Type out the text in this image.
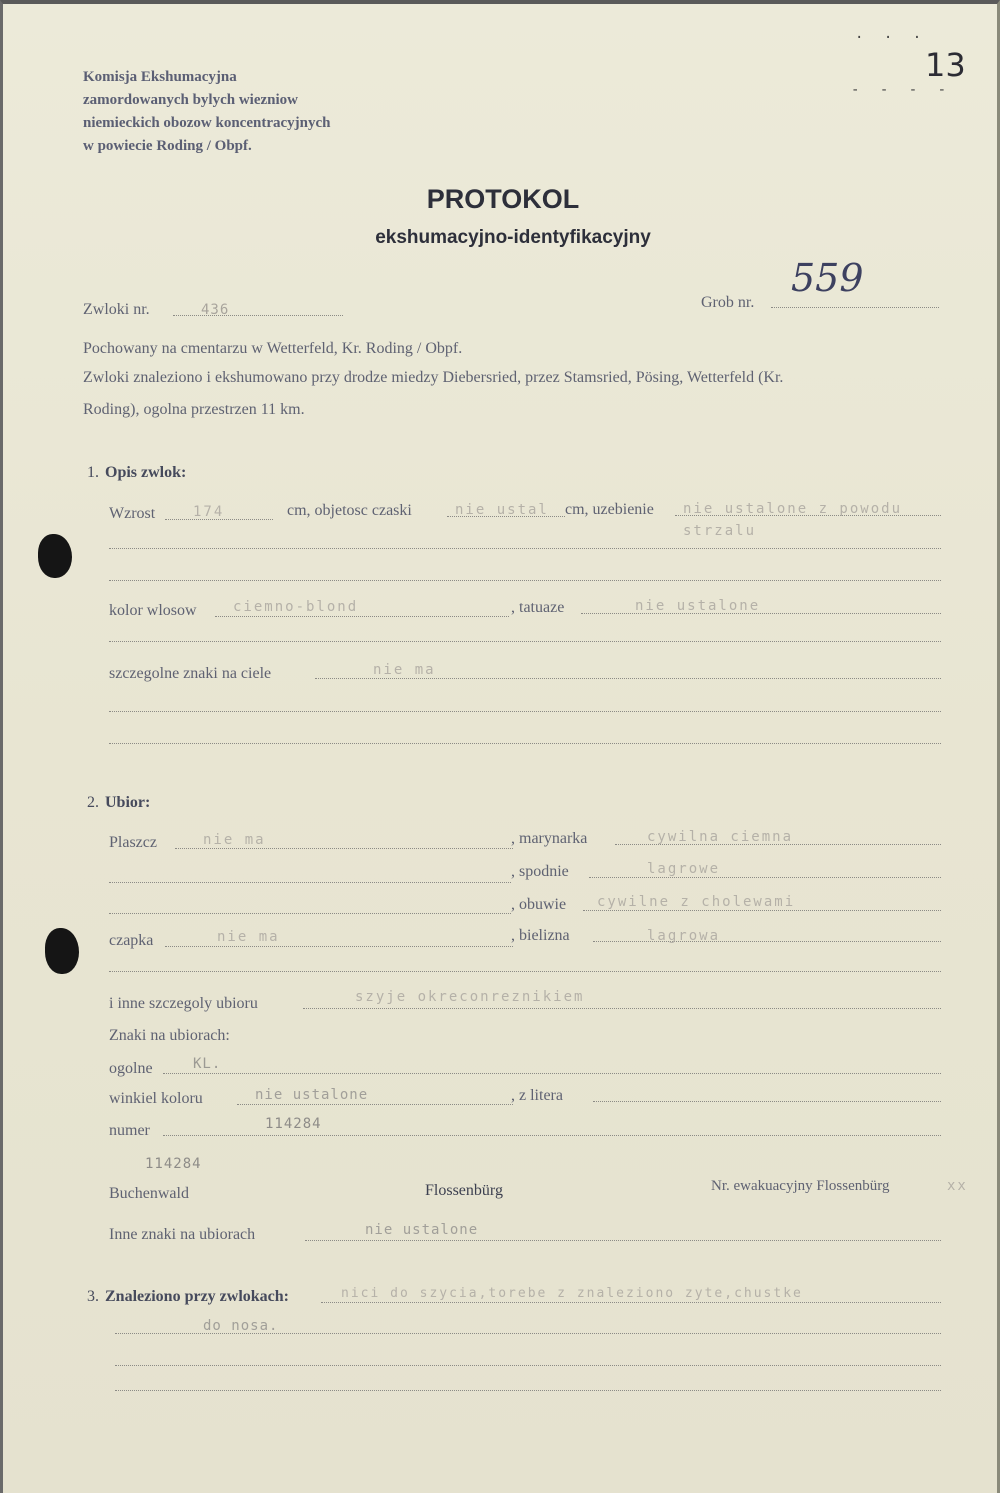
. . .
- - - -
13
Komisja Ekshumacyjna
zamordowanych bylych wiezniow
niemieckich obozow koncentracyjnych
w powiecie Roding / Obpf.
PROTOKOL
ekshumacyjno-identyfikacyjny
Zwloki nr.	436	Grob nr.
559
Pochowany na cmentarzu w Wetterfeld, Kr. Roding / Obpf.
Zwloki znaleziono i ekshumowano przy drodze miedzy Diebersried, przez Stamsried, Pösing, Wetterfeld (Kr.
Roding), ogolna przestrzen 11 km.
1. Opis zwlok:
Wzrost	174	cm, objetosc czaski	nie ustal cm, uzebienie nie ustalone z powodu
strzalu
kolor wlosow	ciemno-blond	, tatuaze	nie ustalone
szczegolne znaki na ciele	nie ma
2. Ubior:
Plaszcz	nie ma	, marynarka	cywilna ciemna
, spodnie	lagrowe
, obuwie cywilne z cholewami
czapka	nie ma	, bielizna	lagrowa
i inne szczegoly ubioru	szyje okreconreznikiem
Znaki na ubiorach:
ogolne	KL.
winkiel koloru	nie ustalone	, z litera
numer	114284
114284
Buchenwald	Flossenbürg	Nr. ewakuacyjny Flossenbürg	xx
Inne znaki na ubiorach	nie ustalone
3. Znaleziono przy zwlokach:	nici do szycia,torebe z znaleziono zyte,chustke
do nosa.
